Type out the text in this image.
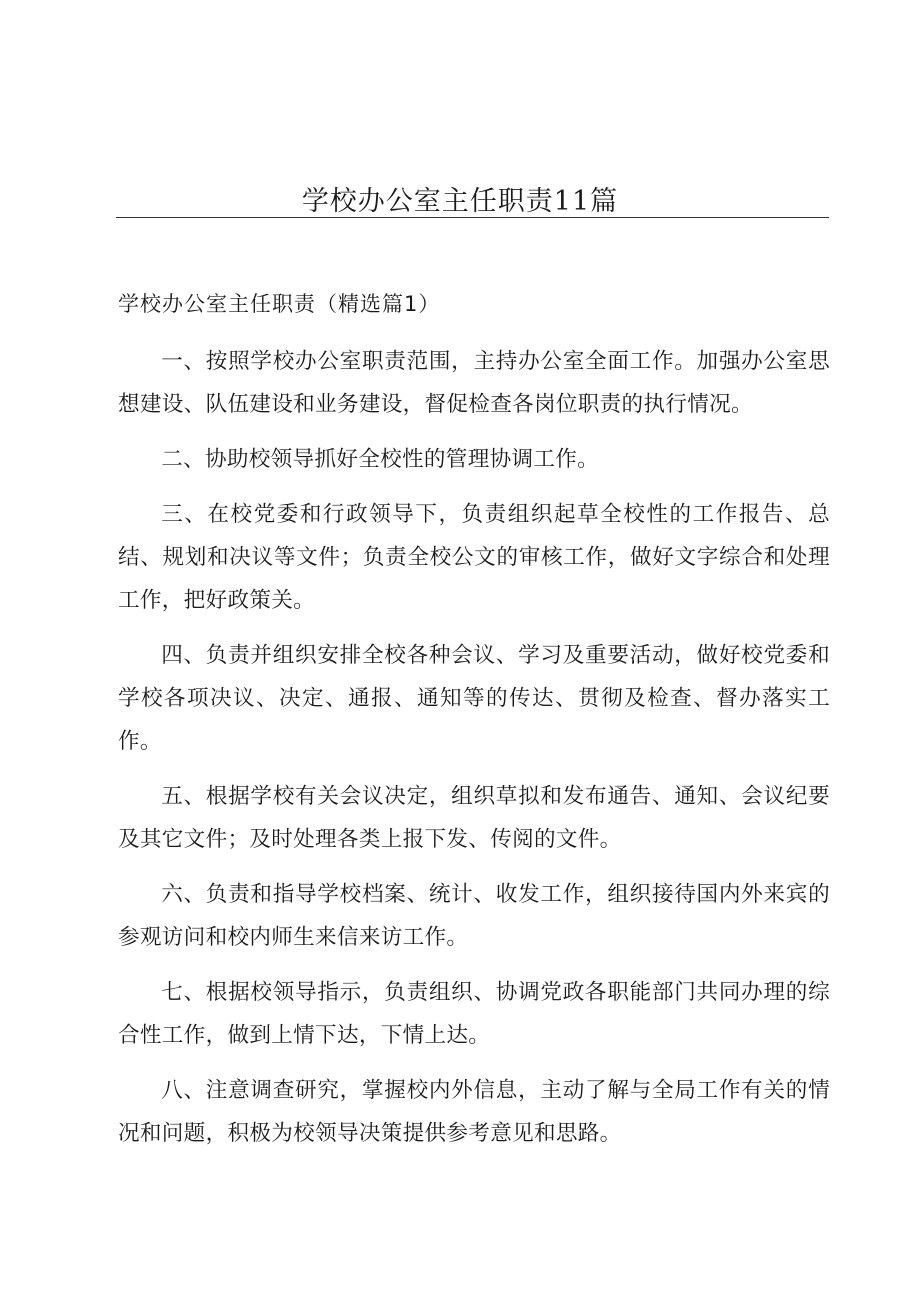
学校办公室主任职责11篇
学校办公室主任职责（精选篇1）

一、按照学校办公室职责范围，主持办公室全面工作。加强办公室思想建设、队伍建设和业务建设，督促检查各岗位职责的执行情况。

二、协助校领导抓好全校性的管理协调工作。

三、在校党委和行政领导下，负责组织起草全校性的工作报告、总结、规划和决议等文件；负责全校公文的审核工作，做好文字综合和处理工作，把好政策关。

四、负责并组织安排全校各种会议、学习及重要活动，做好校党委和学校各项决议、决定、通报、通知等的传达、贯彻及检查、督办落实工作。

五、根据学校有关会议决定，组织草拟和发布通告、通知、会议纪要及其它文件；及时处理各类上报下发、传阅的文件。

六、负责和指导学校档案、统计、收发工作，组织接待国内外来宾的参观访问和校内师生来信来访工作。

七、根据校领导指示，负责组织、协调党政各职能部门共同办理的综合性工作，做到上情下达，下情上达。

八、注意调查研究，掌握校内外信息，主动了解与全局工作有关的情况和问题，积极为校领导决策提供参考意见和思路。
